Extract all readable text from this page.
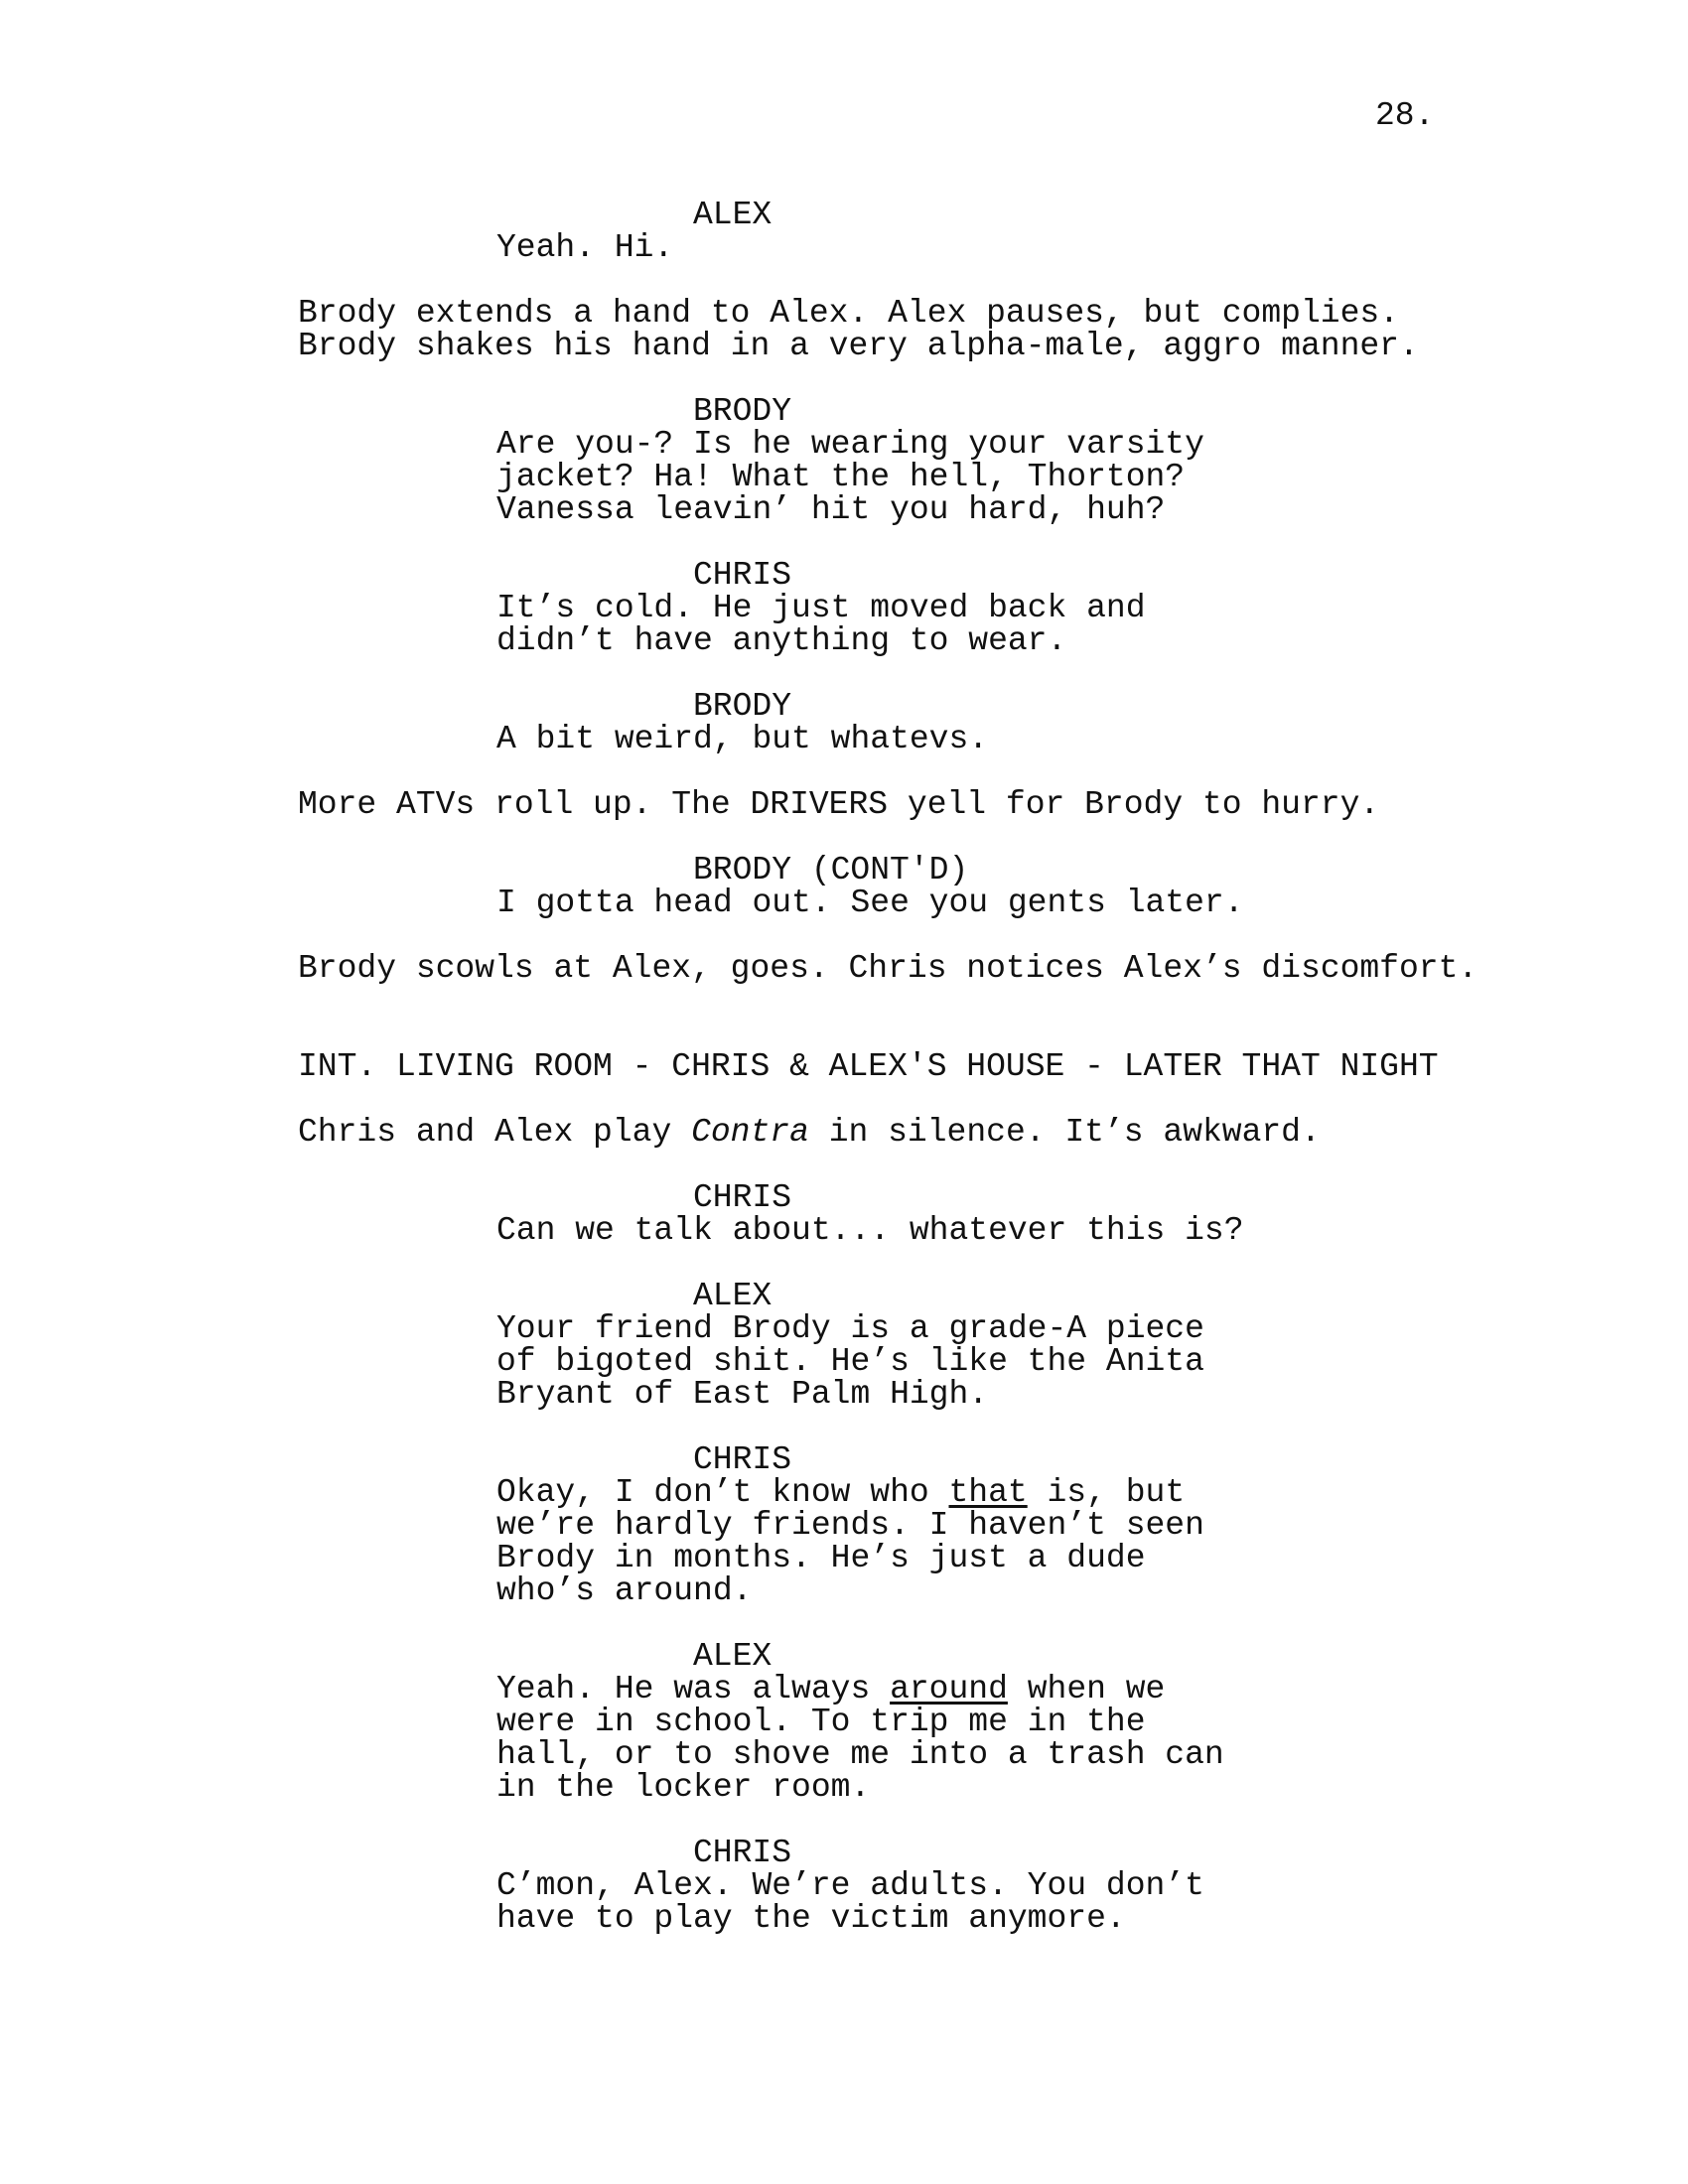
28.
ALEX
Yeah. Hi.
Brody extends a hand to Alex. Alex pauses, but complies.
Brody shakes his hand in a very alpha-male, aggro manner.
BRODY
Are you-? Is he wearing your varsity
jacket? Ha! What the hell, Thorton?
Vanessa leavin’ hit you hard, huh?
CHRIS
It’s cold. He just moved back and
didn’t have anything to wear.
BRODY
A bit weird, but whatevs.
More ATVs roll up. The DRIVERS yell for Brody to hurry.
BRODY (CONT'D)
I gotta head out. See you gents later.
Brody scowls at Alex, goes. Chris notices Alex’s discomfort.
INT. LIVING ROOM - CHRIS & ALEX'S HOUSE - LATER THAT NIGHT
Chris and Alex play Contra in silence. It’s awkward.
CHRIS
Can we talk about... whatever this is?
ALEX
Your friend Brody is a grade-A piece
of bigoted shit. He’s like the Anita
Bryant of East Palm High.
CHRIS
Okay, I don’t know who that is, but
we’re hardly friends. I haven’t seen
Brody in months. He’s just a dude
who’s around.
ALEX
Yeah. He was always around when we
were in school. To trip me in the
hall, or to shove me into a trash can
in the locker room.
CHRIS
C’mon, Alex. We’re adults. You don’t
have to play the victim anymore.
